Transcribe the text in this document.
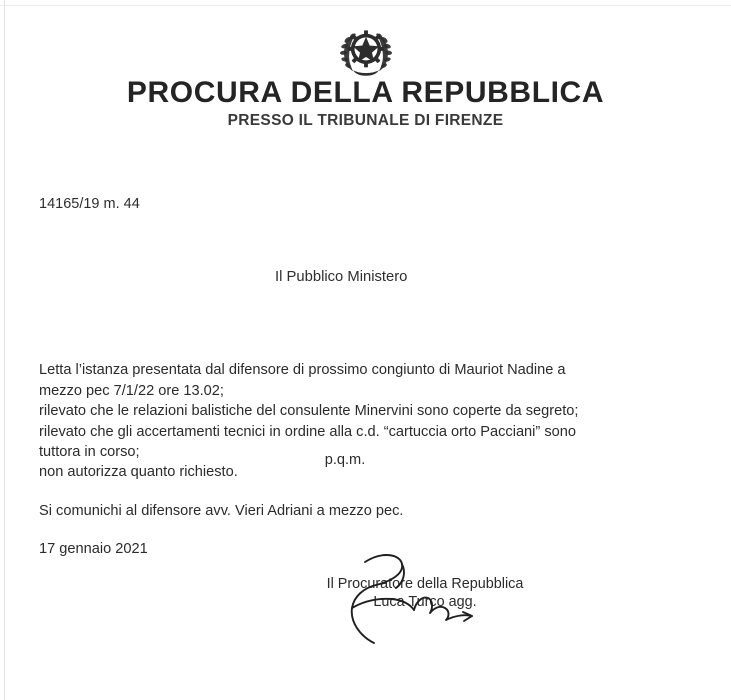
PROCURA DELLA REPUBBLICA
PRESSO IL TRIBUNALE DI FIRENZE
14165/19 m. 44
Il Pubblico Ministero

Letta l’istanza presentata dal difensore di prossimo congiunto di Mauriot Nadine a
mezzo pec 7/1/22 ore 13.02;

rilevato che le relazioni balistiche del consulente Minervini sono coperte da segreto;

rilevato che gli accertamenti tecnici in ordine alla c.d. “cartuccia orto Pacciani” sono
tuttora in corso;	p.q.m.
non autorizza quanto richiesto.
Si comunichi al difensore avv. Vieri Adriani a mezzo pec.
17 gennaio 2021
Il Procuratore della Repubblica
Luca Turco agg.
